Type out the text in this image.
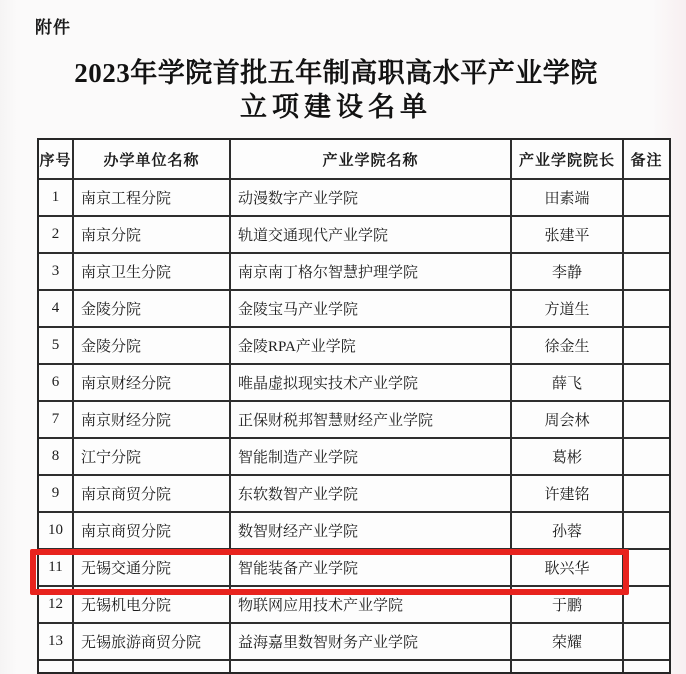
附件
2023年学院首批五年制高职高水平产业学院
立项建设名单
序号	办学单位名称	产业学院名称	产业学院院长	备注
1	南京工程分院	动漫数字产业学院	田素端
2	南京分院	轨道交通现代产业学院	张建平
3	南京卫生分院	南京南丁格尔智慧护理学院	李静
4	金陵分院	金陵宝马产业学院	方道生
5	金陵分院	金陵RPA产业学院	徐金生
6	南京财经分院	唯晶虚拟现实技术产业学院	薛飞
7	南京财经分院	正保财税邦智慧财经产业学院	周会林
8	江宁分院	智能制造产业学院	葛彬
9	南京商贸分院	东软数智产业学院	许建铭
10	南京商贸分院	数智财经产业学院	孙蓉
11	无锡交通分院	智能装备产业学院	耿兴华
12	无锡机电分院	物联网应用技术产业学院	于鹏
13	无锡旅游商贸分院	益海嘉里数智财务产业学院	荣耀
